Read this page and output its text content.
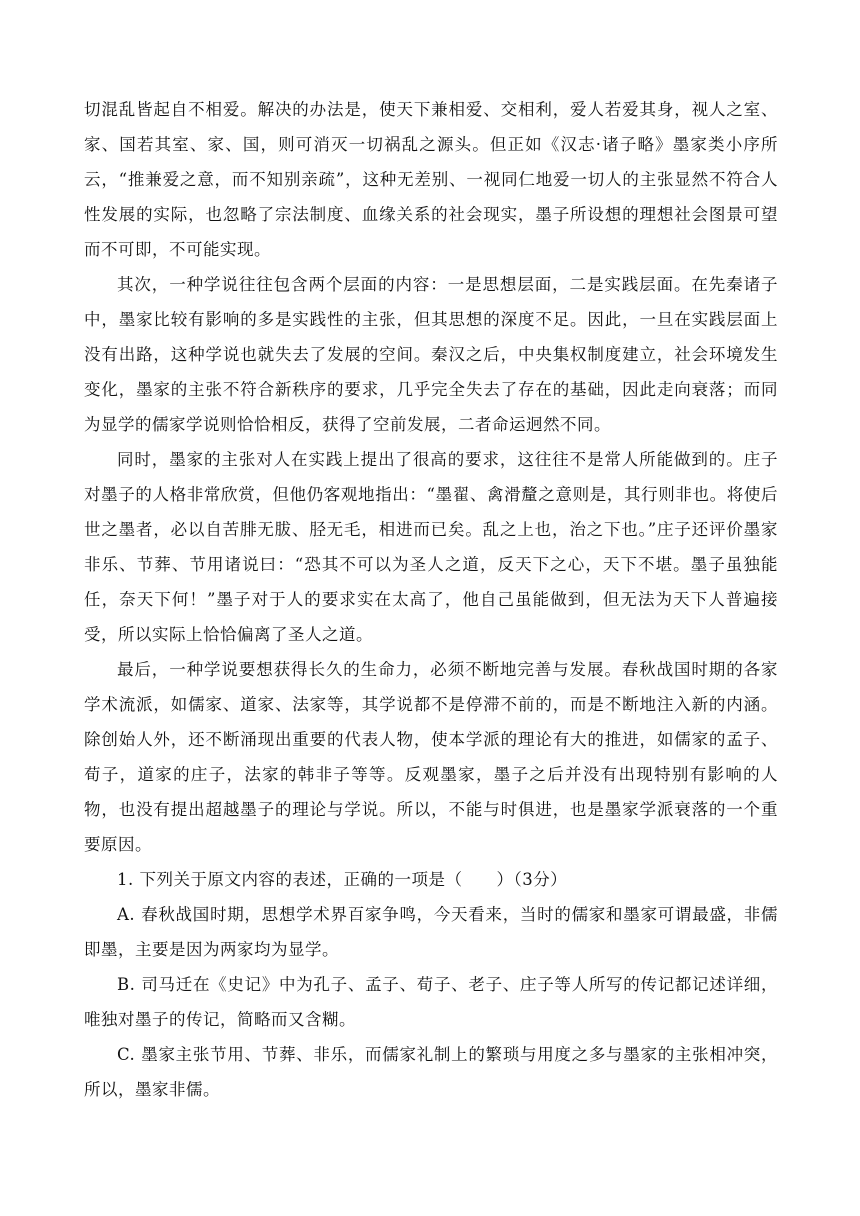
切混乱皆起自不相爱。解决的办法是，使天下兼相爱、交相利，爱人若爱其身，视人之室、家、国若其室、家、国，则可消灭一切祸乱之源头。但正如《汉志·诸子略》墨家类小序所云，“推兼爱之意，而不知别亲疏”，这种无差别、一视同仁地爱一切人的主张显然不符合人性发展的实际，也忽略了宗法制度、血缘关系的社会现实，墨子所设想的理想社会图景可望而不可即，不可能实现。

其次，一种学说往往包含两个层面的内容：一是思想层面，二是实践层面。在先秦诸子中，墨家比较有影响的多是实践性的主张，但其思想的深度不足。因此，一旦在实践层面上没有出路，这种学说也就失去了发展的空间。秦汉之后，中央集权制度建立，社会环境发生变化，墨家的主张不符合新秩序的要求，几乎完全失去了存在的基础，因此走向衰落；而同为显学的儒家学说则恰恰相反，获得了空前发展，二者命运迥然不同。

同时，墨家的主张对人在实践上提出了很高的要求，这往往不是常人所能做到的。庄子对墨子的人格非常欣赏，但他仍客观地指出：“墨翟、禽滑釐之意则是，其行则非也。将使后世之墨者，必以自苦腓无胈、胫无毛，相进而已矣。乱之上也，治之下也。”庄子还评价墨家非乐、节葬、节用诸说曰：“恐其不可以为圣人之道，反天下之心，天下不堪。墨子虽独能任，奈天下何！”墨子对于人的要求实在太高了，他自己虽能做到，但无法为天下人普遍接受，所以实际上恰恰偏离了圣人之道。

最后，一种学说要想获得长久的生命力，必须不断地完善与发展。春秋战国时期的各家学术流派，如儒家、道家、法家等，其学说都不是停滞不前的，而是不断地注入新的内涵。除创始人外，还不断涌现出重要的代表人物，使本学派的理论有大的推进，如儒家的孟子、荀子，道家的庄子，法家的韩非子等等。反观墨家，墨子之后并没有出现特别有影响的人物，也没有提出超越墨子的理论与学说。所以，不能与时俱进，也是墨家学派衰落的一个重要原因。

1. 下列关于原文内容的表述，正确的一项是（　　）（3分）

A. 春秋战国时期，思想学术界百家争鸣，今天看来，当时的儒家和墨家可谓最盛，非儒即墨，主要是因为两家均为显学。

B. 司马迁在《史记》中为孔子、孟子、荀子、老子、庄子等人所写的传记都记述详细，唯独对墨子的传记，简略而又含糊。

C. 墨家主张节用、节葬、非乐，而儒家礼制上的繁琐与用度之多与墨家的主张相冲突，所以，墨家非儒。
